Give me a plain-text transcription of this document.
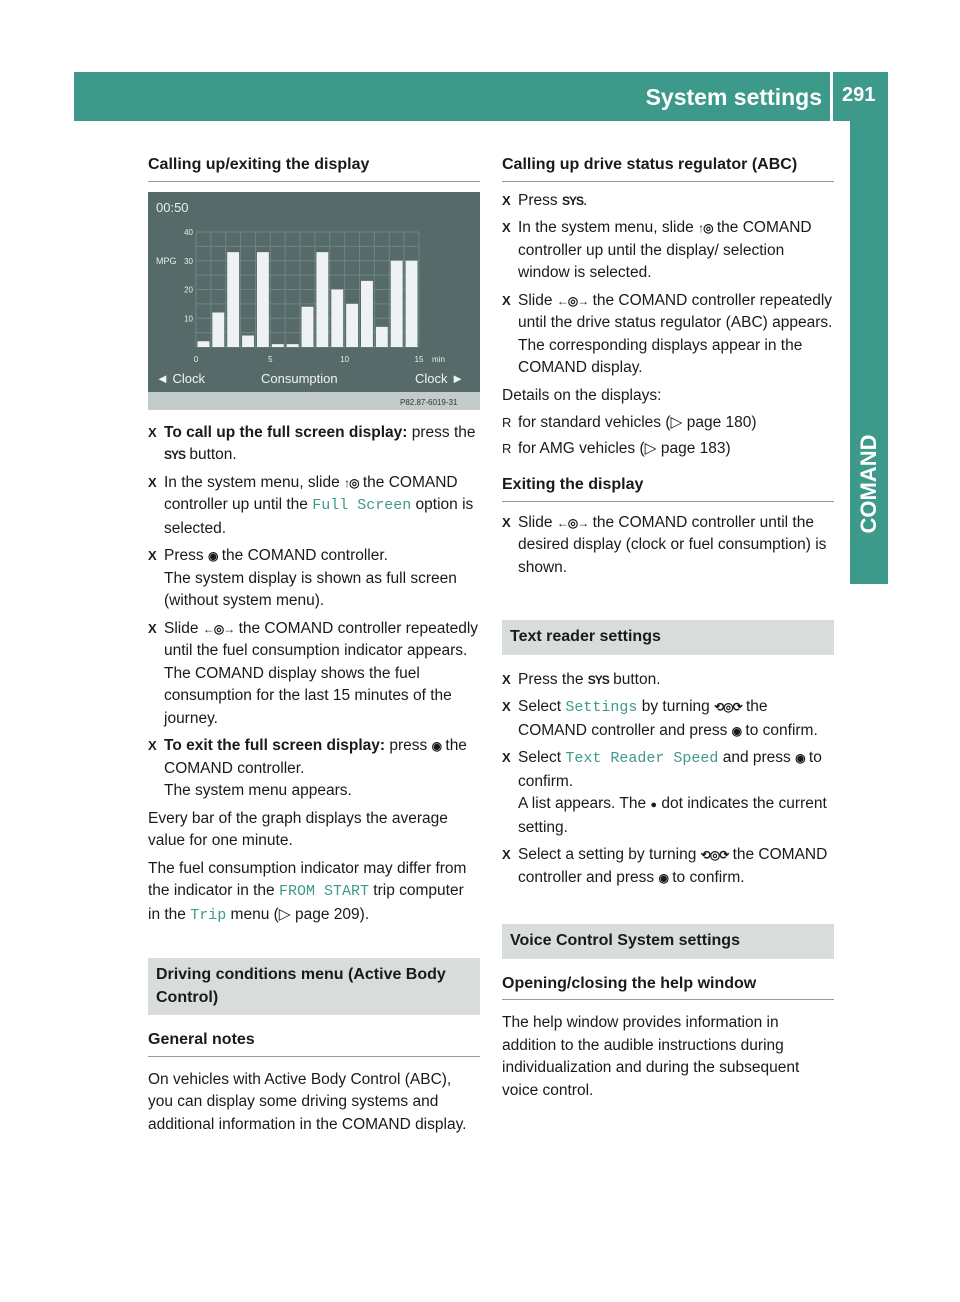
System settings 291
COMAND
Calling up/exiting the display
00:50
MPG
40
30
20
10
0	5	10	15 min
◄ Clock	Consumption	Clock ►
P82.87-6019-31
X To call up the full screen display: press the SYS button.
X In the system menu, slide ↑◎ the COMAND controller up until the Full Screen option is selected.
X Press ◉ the COMAND controller.
The system display is shown as full screen (without system menu).
X Slide ←◎→ the COMAND controller repeatedly until the fuel consumption indicator appears.
The COMAND display shows the fuel consumption for the last 15 minutes of the journey.
X To exit the full screen display: press ◉ the COMAND controller.
The system menu appears.

Every bar of the graph displays the average value for one minute.

The fuel consumption indicator may differ from the indicator in the FROM START trip computer in the Trip menu (▷ page 209).

Driving conditions menu (Active Body Control)
General notes

On vehicles with Active Body Control (ABC), you can display some driving systems and additional information in the COMAND display.

Calling up drive status regulator (ABC)
X Press SYS.
X In the system menu, slide ↑◎ the COMAND controller up until the display/ selection window is selected.
X Slide ←◎→ the COMAND controller repeatedly until the drive status regulator (ABC) appears.
The corresponding displays appear in the COMAND display.

Details on the displays:

R for standard vehicles (▷ page 180)
R for AMG vehicles (▷ page 183)
Exiting the display
X Slide ←◎→ the COMAND controller until the desired display (clock or fuel consumption) is shown.
Text reader settings
X Press the SYS button.
X Select Settings by turning ⟲◎⟳ the COMAND controller and press ◉ to confirm.
X Select Text Reader Speed and press ◉ to confirm.
A list appears. The ● dot indicates the current setting.
X Select a setting by turning ⟲◎⟳ the COMAND controller and press ◉ to confirm.
Voice Control System settings
Opening/closing the help window

The help window provides information in addition to the audible instructions during individualization and during the subsequent voice control.
